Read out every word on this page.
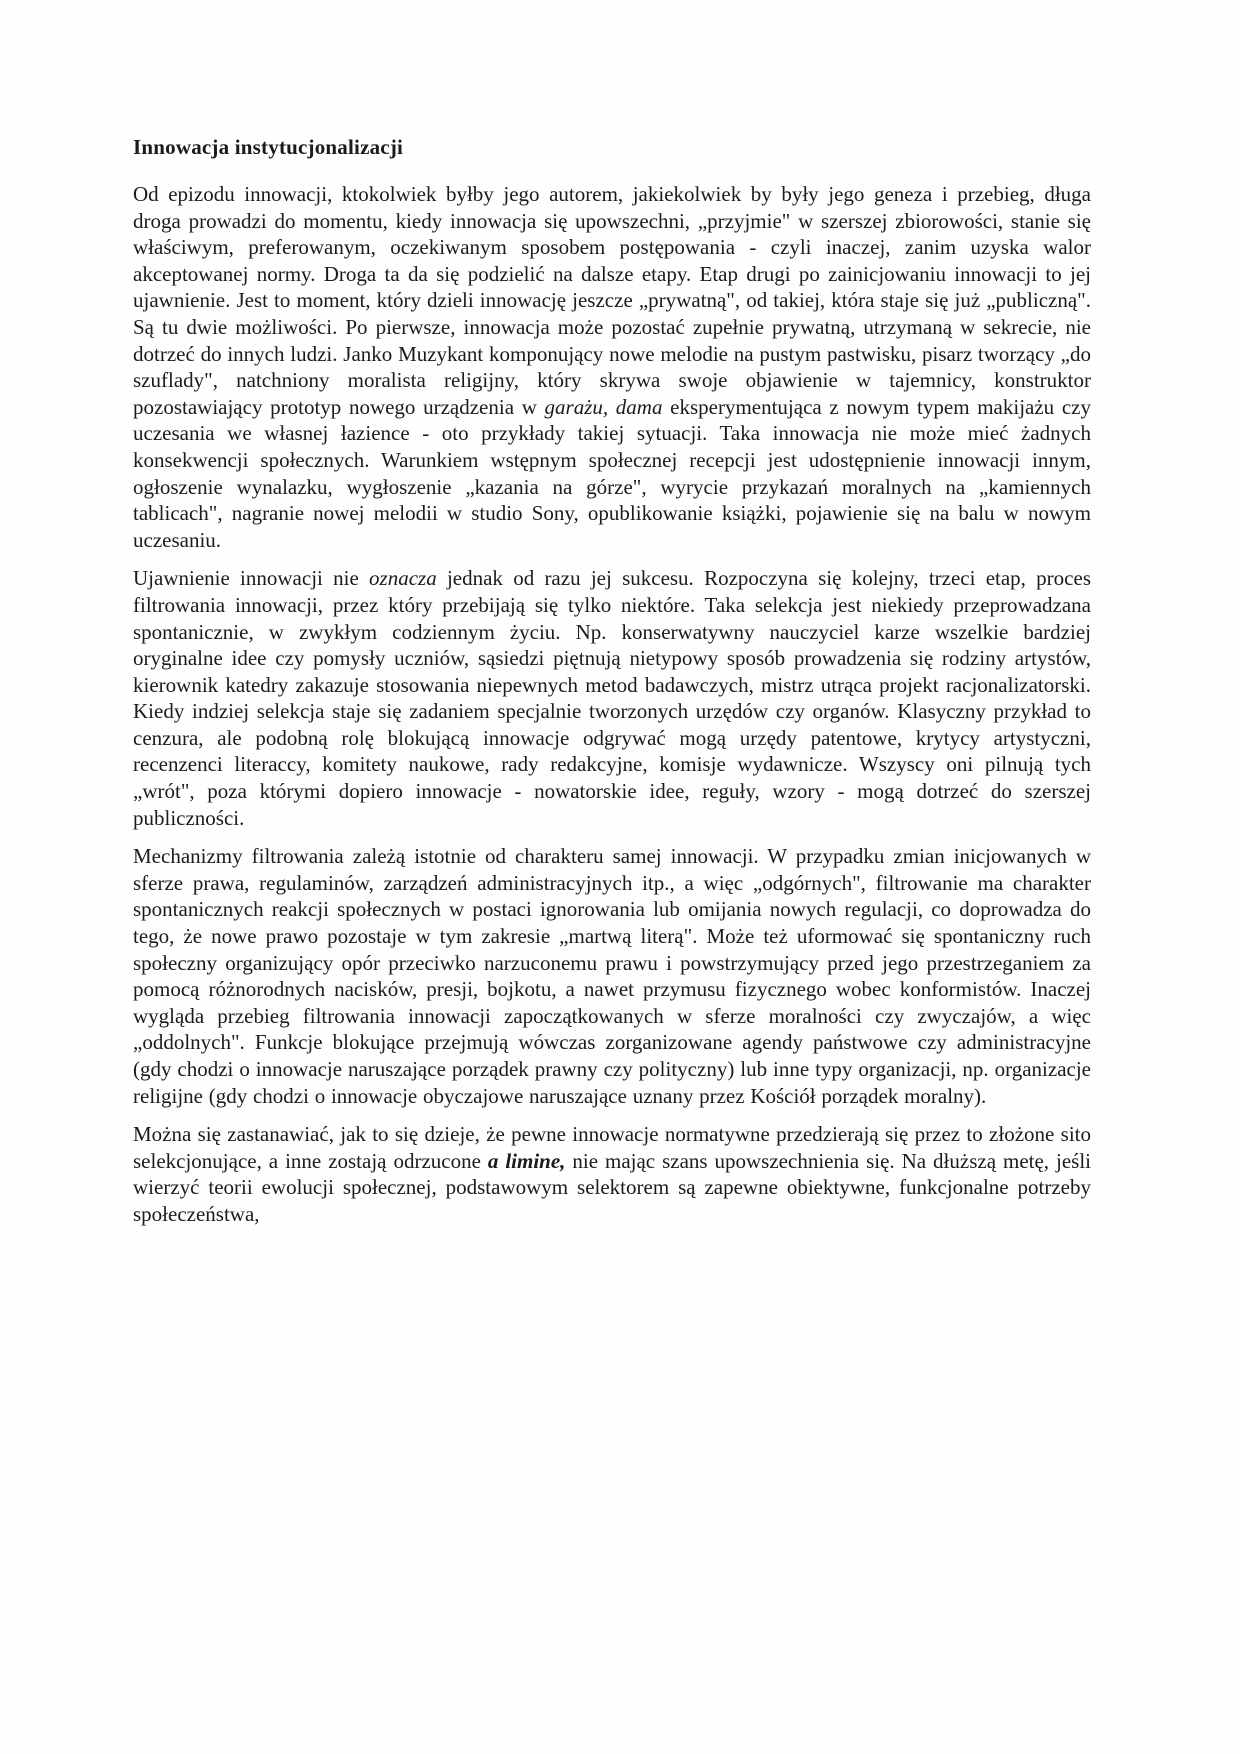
Innowacja instytucjonalizacji

Od epizodu innowacji, ktokolwiek byłby jego autorem, jakiekolwiek by były jego geneza i przebieg, długa droga prowadzi do momentu, kiedy innowacja się upowszechni, „przyjmie" w szerszej zbiorowości, stanie się właściwym, preferowanym, oczekiwanym sposobem postępowania - czyli inaczej, zanim uzyska walor akceptowanej normy. Droga ta da się podzielić na dalsze etapy. Etap drugi po zainicjowaniu innowacji to jej ujawnienie. Jest to moment, który dzieli innowację jeszcze „prywatną", od takiej, która staje się już „publiczną". Są tu dwie możliwości. Po pierwsze, innowacja może pozostać zupełnie prywatną, utrzymaną w sekrecie, nie dotrzeć do innych ludzi. Janko Muzykant komponujący nowe melodie na pustym pastwisku, pisarz tworzący „do szuflady", natchniony moralista religijny, który skrywa swoje objawienie w tajemnicy, konstruktor pozostawiający prototyp nowego urządzenia w garażu, dama eksperymentująca z nowym typem makijażu czy uczesania we własnej łazience - oto przykłady takiej sytuacji. Taka innowacja nie może mieć żadnych konsekwencji społecznych. Warunkiem wstępnym społecznej recepcji jest udostępnienie innowacji innym, ogłoszenie wynalazku, wygłoszenie „kazania na górze", wyrycie przykazań moralnych na „kamiennych tablicach", nagranie nowej melodii w studio Sony, opublikowanie książki, pojawienie się na balu w nowym uczesaniu.

Ujawnienie innowacji nie oznacza jednak od razu jej sukcesu. Rozpoczyna się kolejny, trzeci etap, proces filtrowania innowacji, przez który przebijają się tylko niektóre. Taka selekcja jest niekiedy przeprowadzana spontanicznie, w zwykłym codziennym życiu. Np. konserwatywny nauczyciel karze wszelkie bardziej oryginalne idee czy pomysły uczniów, sąsiedzi piętnują nietypowy sposób prowadzenia się rodziny artystów, kierownik katedry zakazuje stosowania niepewnych metod badawczych, mistrz utrąca projekt racjonalizatorski. Kiedy indziej selekcja staje się zadaniem specjalnie tworzonych urzędów czy organów. Klasyczny przykład to cenzura, ale podobną rolę blokującą innowacje odgrywać mogą urzędy patentowe, krytycy artystyczni, recenzenci literaccy, komitety naukowe, rady redakcyjne, komisje wydawnicze. Wszyscy oni pilnują tych „wrót", poza którymi dopiero innowacje - nowatorskie idee, reguły, wzory - mogą dotrzeć do szerszej publiczności.

Mechanizmy filtrowania zależą istotnie od charakteru samej innowacji. W przypadku zmian inicjowanych w sferze prawa, regulaminów, zarządzeń administracyjnych itp., a więc „odgórnych", filtrowanie ma charakter spontanicznych reakcji społecznych w postaci ignorowania lub omijania nowych regulacji, co doprowadza do tego, że nowe prawo pozostaje w tym zakresie „martwą literą". Może też uformować się spontaniczny ruch społeczny organizujący opór przeciwko narzuconemu prawu i powstrzymujący przed jego przestrzeganiem za pomocą różnorodnych nacisków, presji, bojkotu, a nawet przymusu fizycznego wobec konformistów. Inaczej wygląda przebieg filtrowania innowacji zapoczątkowanych w sferze moralności czy zwyczajów, a więc „oddolnych". Funkcje blokujące przejmują wówczas zorganizowane agendy państwowe czy administracyjne (gdy chodzi o innowacje naruszające porządek prawny czy polityczny) lub inne typy organizacji, np. organizacje religijne (gdy chodzi o innowacje obyczajowe naruszające uznany przez Kościół porządek moralny).

Można się zastanawiać, jak to się dzieje, że pewne innowacje normatywne przedzierają się przez to złożone sito selekcjonujące, a inne zostają odrzucone a limine, nie mając szans upowszechnienia się. Na dłuższą metę, jeśli wierzyć teorii ewolucji społecznej, podstawowym selektorem są zapewne obiektywne, funkcjonalne potrzeby społeczeństwa,
